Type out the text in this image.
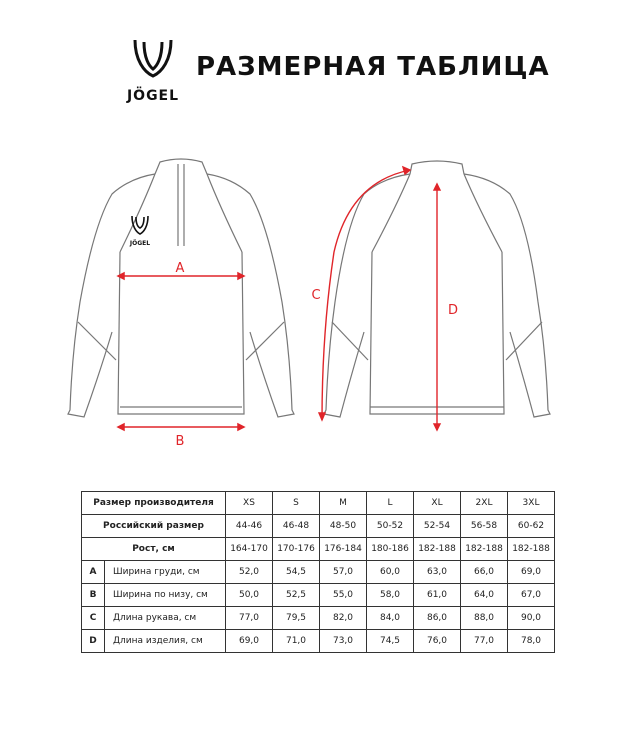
JÖGEL
РАЗМЕРНАЯ ТАБЛИЦА
JÖGEL
A
B
C
D
Размер производителя		XS	S	M	L	XL	2XL	3XL
Российский размер		44-46	46-48	48-50	50-52	52-54	56-58	60-62
Рост, см		164-170	170-176	176-184	180-186	182-188	182-188	182-188
A	Ширина груди, см	52,0	54,5	57,0	60,0	63,0	66,0	69,0
B	Ширина по низу, см	50,0	52,5	55,0	58,0	61,0	64,0	67,0
C	Длина рукава, см	77,0	79,5	82,0	84,0	86,0	88,0	90,0
D	Длина изделия, см	69,0	71,0	73,0	74,5	76,0	77,0	78,0
